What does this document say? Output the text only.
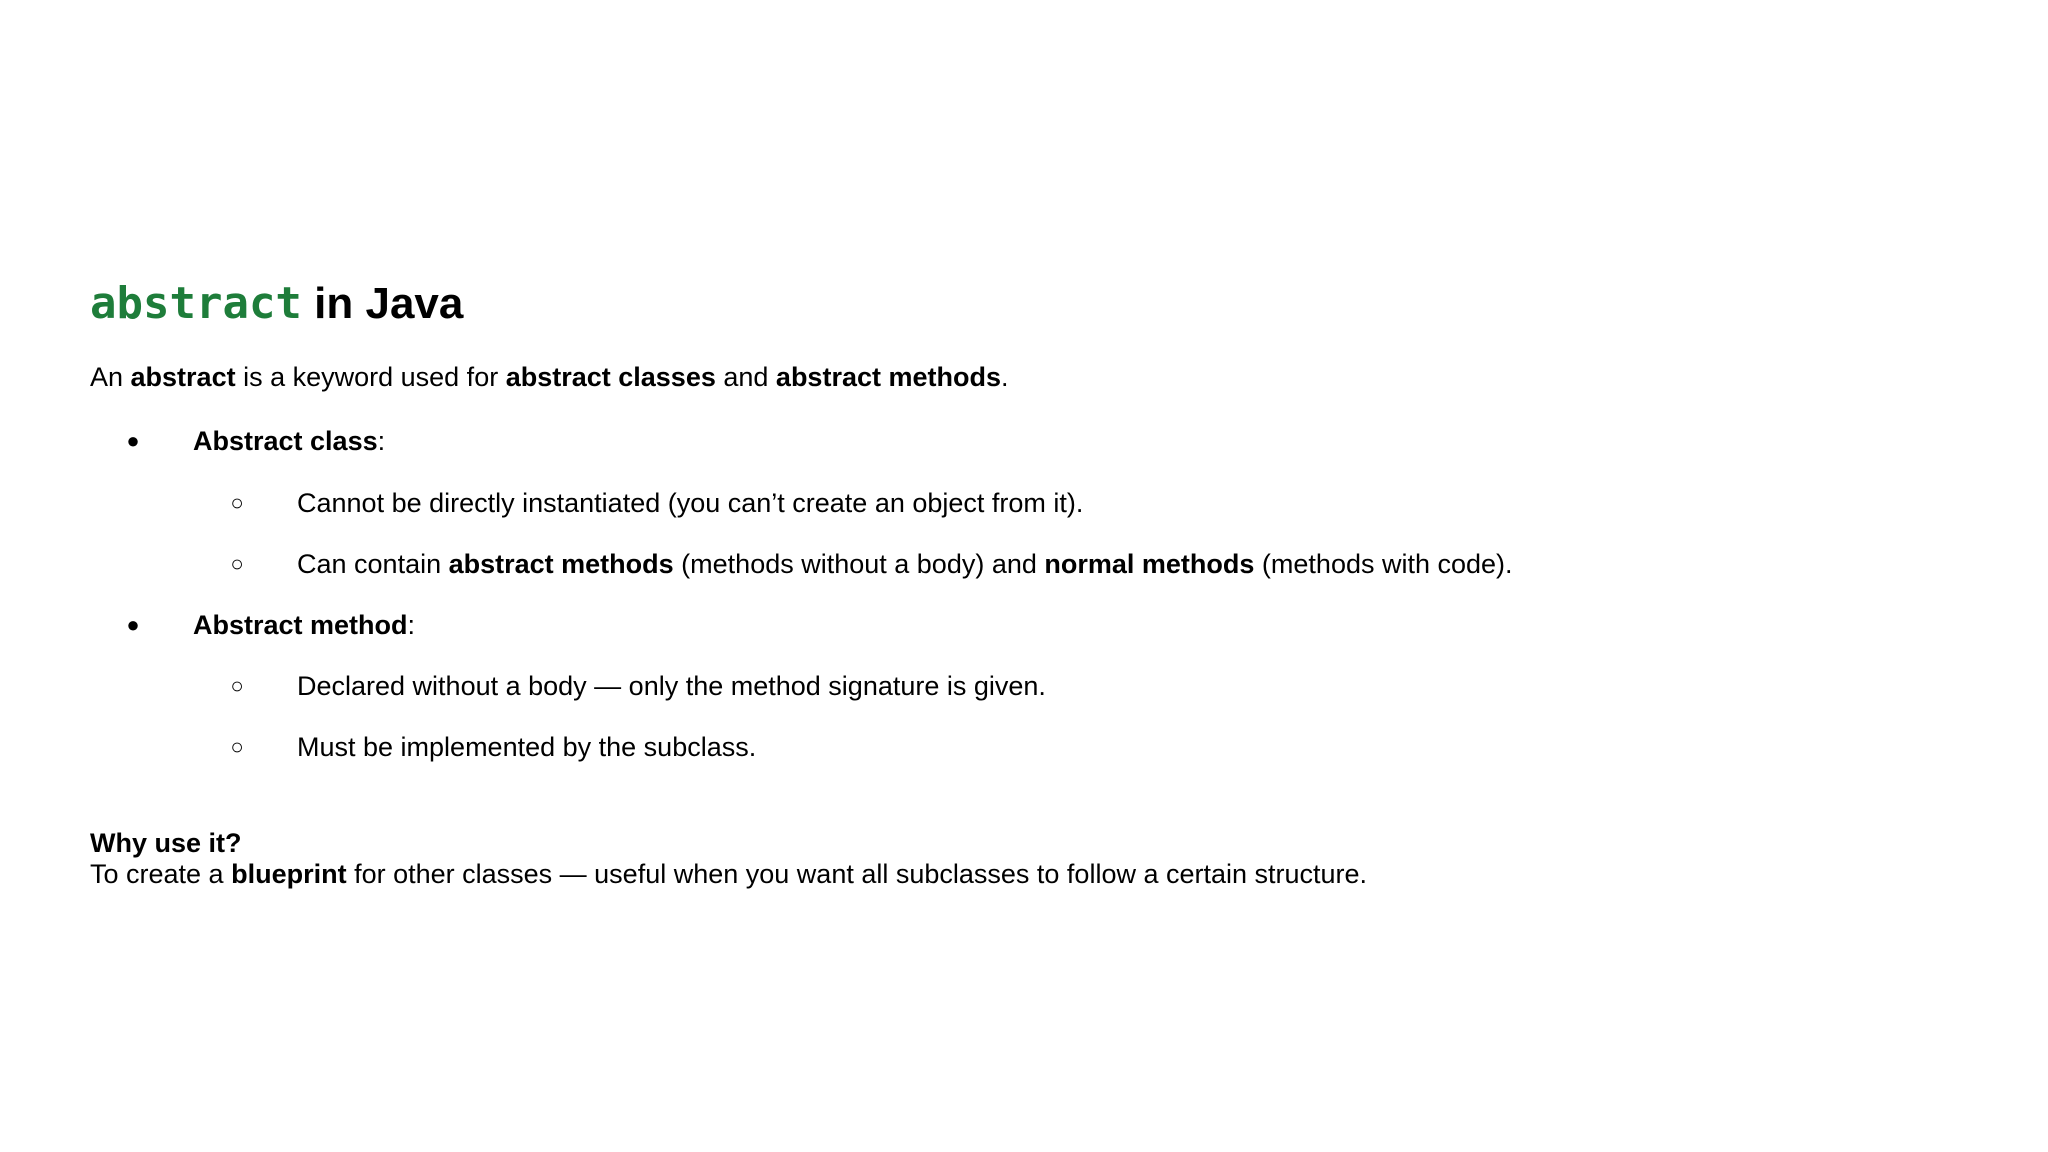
abstract in Java
An abstract is a keyword used for abstract classes and abstract methods.
●	Abstract class:
○	Cannot be directly instantiated (you can’t create an object from it).
○	Can contain abstract methods (methods without a body) and normal methods (methods with code).
●	Abstract method:
○	Declared without a body — only the method signature is given.
○	Must be implemented by the subclass.
Why use it?
To create a blueprint for other classes — useful when you want all subclasses to follow a certain structure.
